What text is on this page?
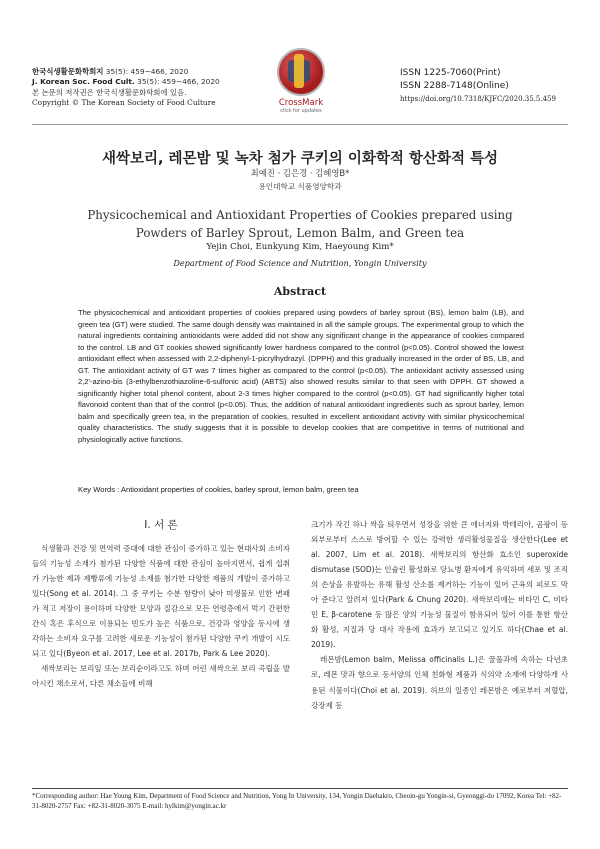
한국식생활문화학회지 35(5): 459~466, 2020
J. Korean Soc. Food Cult. 35(5): 459~466, 2020
본 논문의 저작권은 한국식생활문화학회에 있음.
Copyright © The Korean Society of Food Culture	CrossMark
click for updates
ISSN 1225-7060(Print)
ISSN 2288-7148(Online)
https://doi.org/10.7318/KJFC/2020.35.5.459
새싹보리, 레몬밤 및 녹차 첨가 쿠키의 이화학적 항산화적 특성
최예진 · 김은경 · 김혜영B*
용인대학교 식품영양학과
Physicochemical and Antioxidant Properties of Cookies prepared using
Powders of Barley Sprout, Lemon Balm, and Green tea
Yejin Choi, Eunkyung Kim, Haeyoung Kim*
Department of Food Science and Nutrition, Yongin University
Abstract
The physicochemical and antioxidant properties of cookies prepared using powders of barley sprout (BS), lemon balm (LB), and green tea (GT) were studied. The same dough density was maintained in all the sample groups. The experimental group to which the natural ingredients containing antioxidants were added did not show any significant change in the appearance of cookies compared to the control. LB and GT cookies showed significantly lower hardness compared to the control (p<0.05). Control showed the lowest antioxidant effect when assessed with 2,2-diphenyl-1-picrylhydrazyl. (DPPH) and this gradually increased in the order of BS, LB, and GT. The antioxidant activity of GT was 7 times higher as compared to the control (p<0.05). The antioxidant activity assessed using 2,2'-azino-bis (3-ethylbenzothiazoline-6-sulfonic acid) (ABTS) also showed results similar to that seen with DPPH. GT showed a significantly higher total phenol content, about 2-3 times higher compared to the control (p<0.05). GT had significantly higher total flavonoid content than that of the control (p<0.05). Thus, the addition of natural antioxidant ingredients such as sprout barley, lemon balm and specifically green tea, in the preparation of cookies, resulted in excellent antioxidant activity with similar physicochemical quality characteristics. The study suggests that it is possible to develop cookies that are competitive in terms of nutritional and physiologically active functions.
Key Words : Antioxidant properties of cookies, barley sprout, lemon balm, green tea
Ⅰ. 서 론

식생활과 건강 및 면역력 증대에 대한 관심이 증가하고 있는 현대사회 소비자들의 기능성 소재가 첨가된 다양한 식품에 대한 관심이 높아지면서, 쉽게 섭취가 가능한 제과 제빵류에 기능성 소재를 첨가한 다양한 제품의 개발이 증가하고 있다(Song et al. 2014). 그 중 쿠키는 수분 함량이 낮아 미생물로 인한 변패가 적고 저장이 용이하며 다양한 모양과 질감으로 모든 연령층에서 먹기 간편한 간식 혹은 후식으로 이용되는 빈도가 높은 식품으로, 건강과 영양을 동시에 생각하는 소비자 요구를 고려한 새로운 기능성이 첨가된 다양한 쿠키 개발이 시도되고 있다(Byeon et al. 2017, Lee et al. 2017b, Park & Lee 2020).

새싹보리는 보리잎 또는 보리순이라고도 하며 어린 새싹으로 보리 곡립을 발아시킨 채소로서, 다른 채소들에 비해

크기가 작긴 하나 싹을 틔우면서 성장을 위한 큰 에너지와 박테리아, 곰팡이 등 외부로부터 스스로 방어할 수 있는 강력한 생리활성물질을 생산한다(Lee et al. 2007, Lim et al. 2018). 새싹보리의 항산화 효소인 superoxide dismutase (SOD)는 인슐린 활성화로 당뇨병 환자에게 유익하며 세포 및 조직의 손상을 유발하는 유해 활성 산소를 제거하는 기능이 있어 근육의 피로도 막아 준다고 알려져 있다(Park & Chung 2020). 새싹보리에는 비타민 C, 비타민 E, β-carotene 등 많은 양의 기능성 물질이 함유되어 있어 이를 통한 항산화 활성, 지질과 당 대사 작용에 효과가 보고되고 있기도 하다(Chae et al. 2019).

레몬밤(Lemon balm, Melissa officinalis L.)은 꿀풀과에 속하는 다년초로, 레몬 맛과 향으로 동서양의 인체 친화형 제품과 식의약 소재에 다양하게 사용된 식물이다(Choi et al. 2019). 허브의 일종인 레몬밤은 예로부터 저혈압, 강장제 등

*Corresponding author: Hae Young Kim, Department of Food Science and Nutrition, Yong In University, 134, Yongin Daehakro, Cheoin-gu Yongin-si, Gyeonggi-do 17092, Korea Tel: +82-31-8020-2757 Fax: +82-31-8020-3075 E-mail: hylkim@yongin.ac.kr
